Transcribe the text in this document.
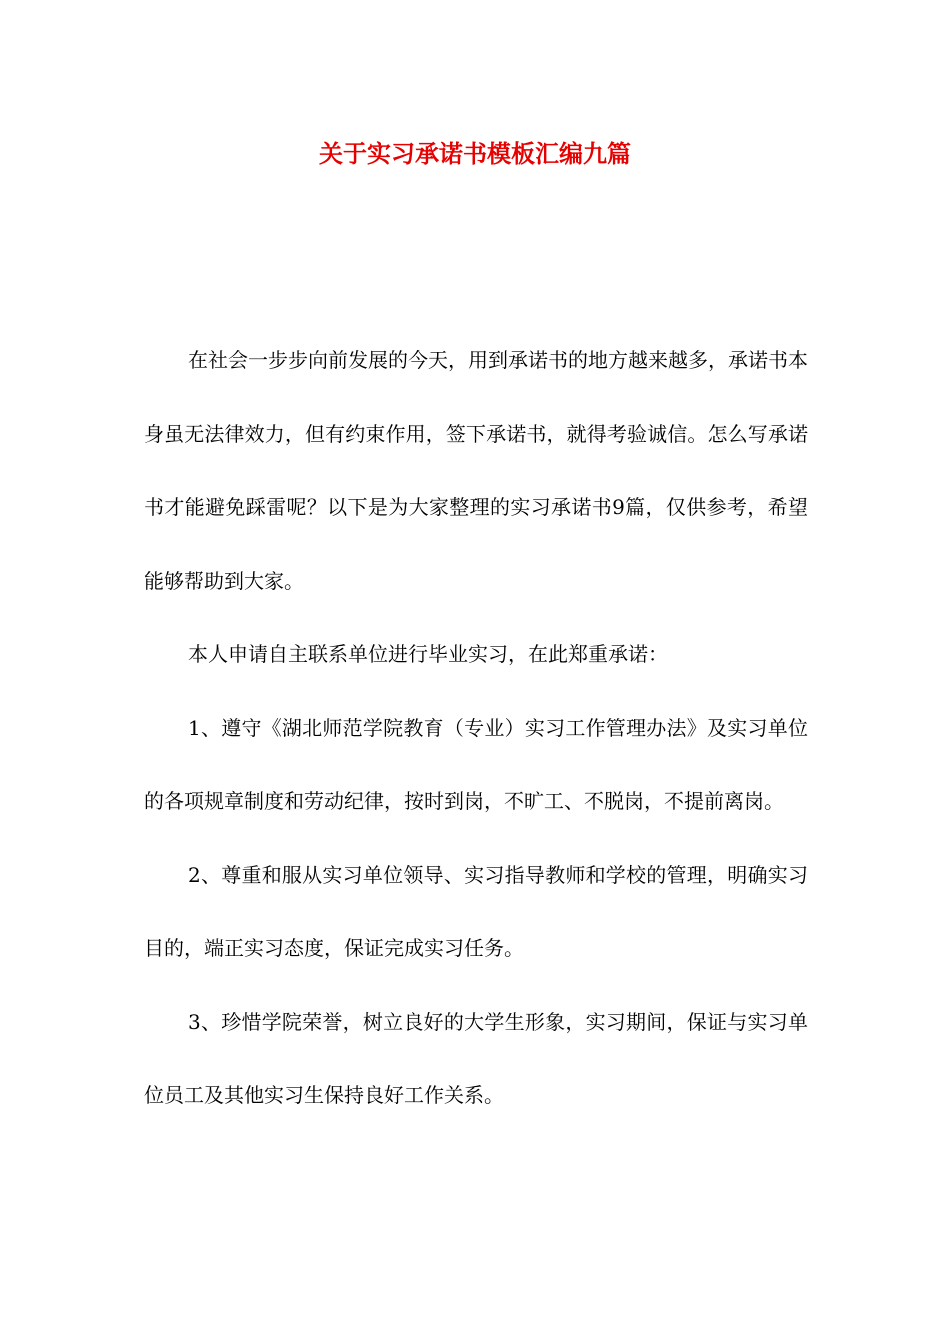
关于实习承诺书模板汇编九篇

在社会一步步向前发展的今天，用到承诺书的地方越来越多，承诺书本身虽无法律效力，但有约束作用，签下承诺书，就得考验诚信。怎么写承诺书才能避免踩雷呢？以下是为大家整理的实习承诺书9篇，仅供参考，希望能够帮助到大家。

本人申请自主联系单位进行毕业实习，在此郑重承诺：

1、遵守《湖北师范学院教育（专业）实习工作管理办法》及实习单位的各项规章制度和劳动纪律，按时到岗，不旷工、不脱岗，不提前离岗。

2、尊重和服从实习单位领导、实习指导教师和学校的管理，明确实习目的，端正实习态度，保证完成实习任务。

3、珍惜学院荣誉，树立良好的大学生形象，实习期间，保证与实习单位员工及其他实习生保持良好工作关系。
